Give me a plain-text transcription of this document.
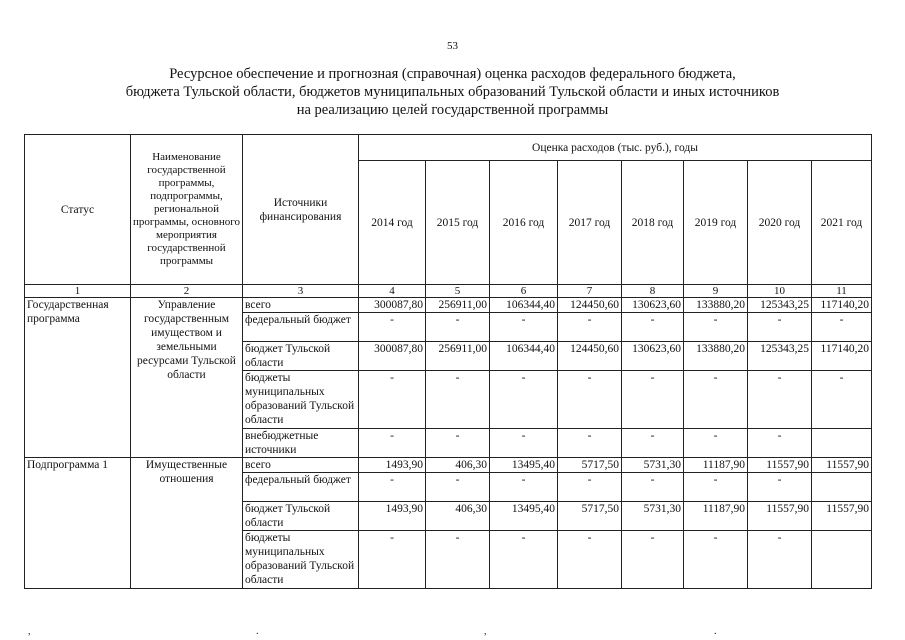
53
Ресурсное обеспечение и прогнозная (справочная) оценка расходов федерального бюджета,
бюджета Тульской области, бюджетов муниципальных образований Тульской области и иных источников
на реализацию целей государственной программы
Статус	Наименование государственной программы, подпрограммы, региональной программы, основного мероприятия государственной программы	Источники финансирования	Оценка расходов (тыс. руб.), годы							
			2014 год	2015 год	2016 год	2017 год	2018 год	2019 год	2020 год	2021 год
1	2	3	4	5	6	7	8	9	10	11
Государственная программа	Управление государственным имуществом и земельными ресурсами Тульской области	всего	300087,80	256911,00	106344,40	124450,60	130623,60	133880,20	125343,25	117140,20
		федеральный бюджет	-	-	-	-	-	-	-	-
		бюджет Тульской области	300087,80	256911,00	106344,40	124450,60	130623,60	133880,20	125343,25	117140,20
		бюджеты муниципальных образований Тульской области	-	-	-	-	-	-	-	-
		внебюджетные источники	-	-	-	-	-	-	-	
Подпрограмма 1	Имущественные отношения	всего	1493,90	406,30	13495,40	5717,50	5731,30	11187,90	11557,90	11557,90
		федеральный бюджет	-	-	-	-	-	-	-	
		бюджет Тульской области	1493,90	406,30	13495,40	5717,50	5731,30	11187,90	11557,90	11557,90
		бюджеты муниципальных образований Тульской области	-	-	-	-	-	-	-	
,	.	,	.
